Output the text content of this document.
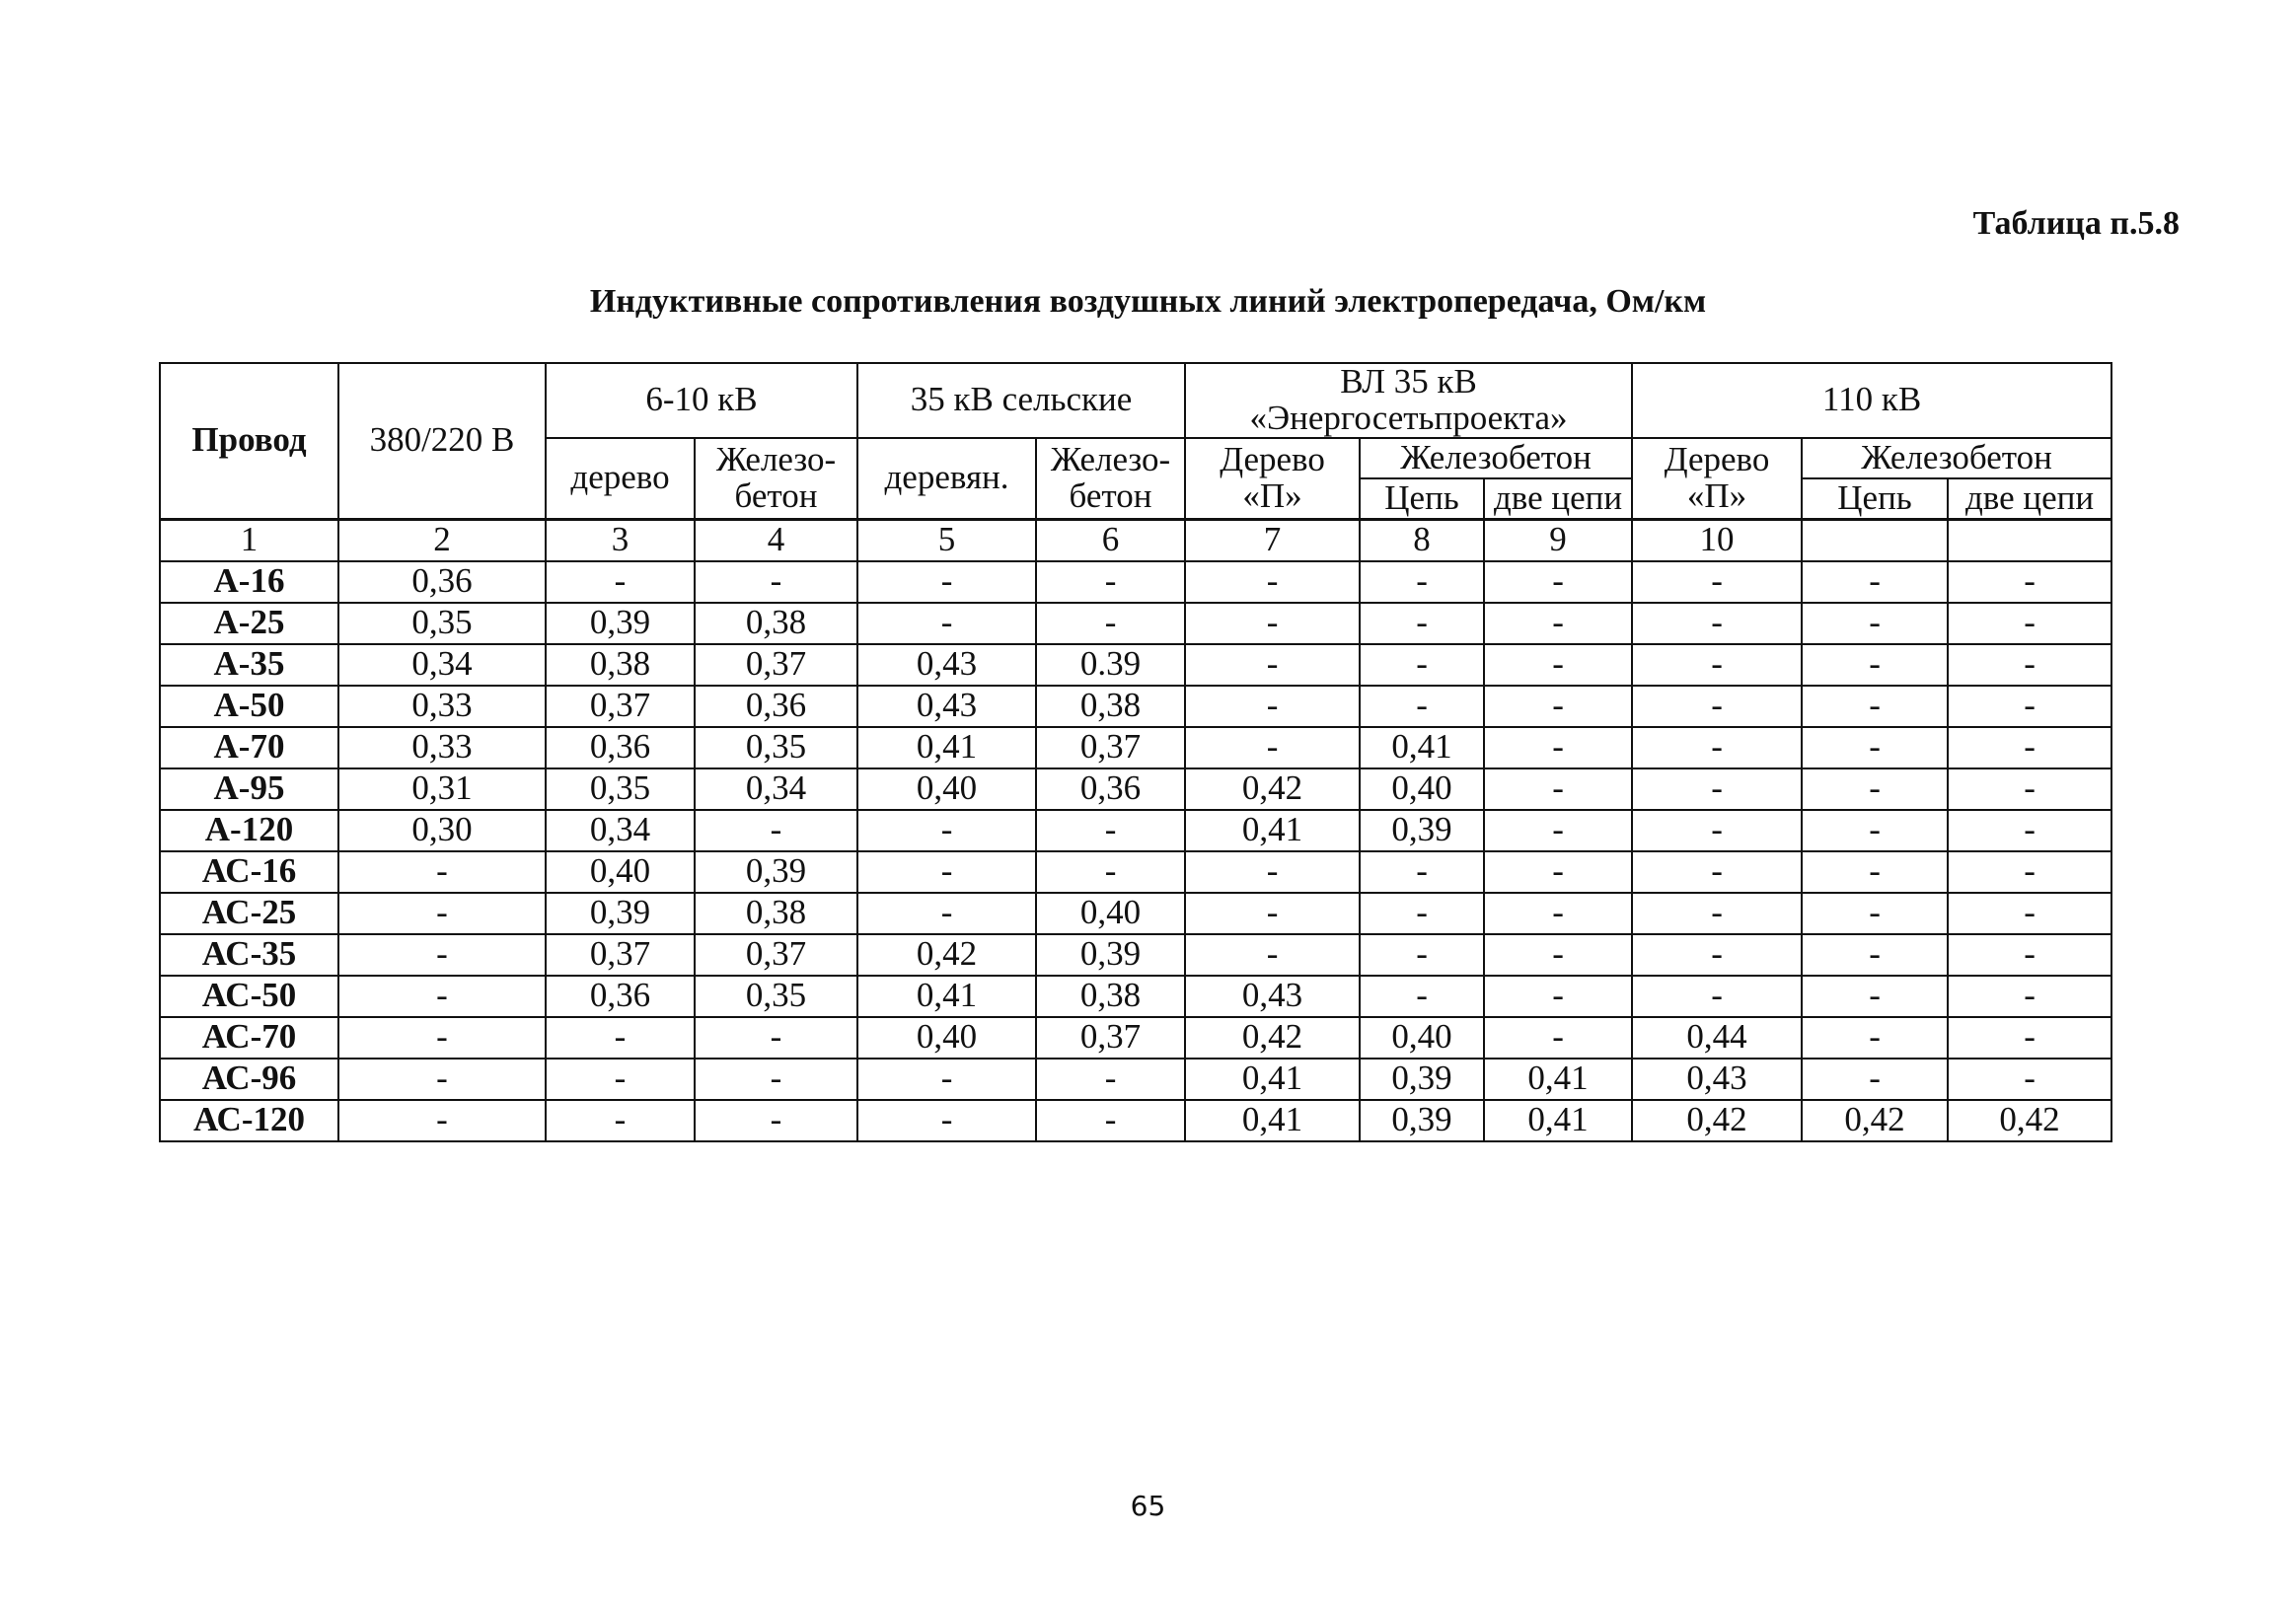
Таблица п.5.8
Индуктивные сопротивления воздушных линий электропередача, Ом/км
Провод	380/220 В	6-10 кВ		35 кВ сельские		ВЛ 35 кВ «Энергосетьпроекта»			110 кВ		

		дерево	Железо-бетон	деревян.	Железо-бетон	Дерево «П»	Железобетон		Дерево «П»	Железобетон	
							Цепь	две цепи		Цепь	две цепи
1	2	3	4	5	6	7	8	9	10		
А-16	0,36	-	-	-	-	-	-	-	-	-	-
А-25	0,35	0,39	0,38	-	-	-	-	-	-	-	-
А-35	0,34	0,38	0,37	0,43	0.39	-	-	-	-	-	-
А-50	0,33	0,37	0,36	0,43	0,38	-	-	-	-	-	-
А-70	0,33	0,36	0,35	0,41	0,37	-	0,41	-	-	-	-
А-95	0,31	0,35	0,34	0,40	0,36	0,42	0,40	-	-	-	-
А-120	0,30	0,34	-	-	-	0,41	0,39	-	-	-	-
АС-16	-	0,40	0,39	-	-	-	-	-	-	-	-
АС-25	-	0,39	0,38	-	0,40	-	-	-	-	-	-
АС-35	-	0,37	0,37	0,42	0,39	-	-	-	-	-	-
АС-50	-	0,36	0,35	0,41	0,38	0,43	-	-	-	-	-
АС-70	-	-	-	0,40	0,37	0,42	0,40	-	0,44	-	-
АС-96	-	-	-	-	-	0,41	0,39	0,41	0,43	-	-
АС-120	-	-	-	-	-	0,41	0,39	0,41	0,42	0,42	0,42
65
